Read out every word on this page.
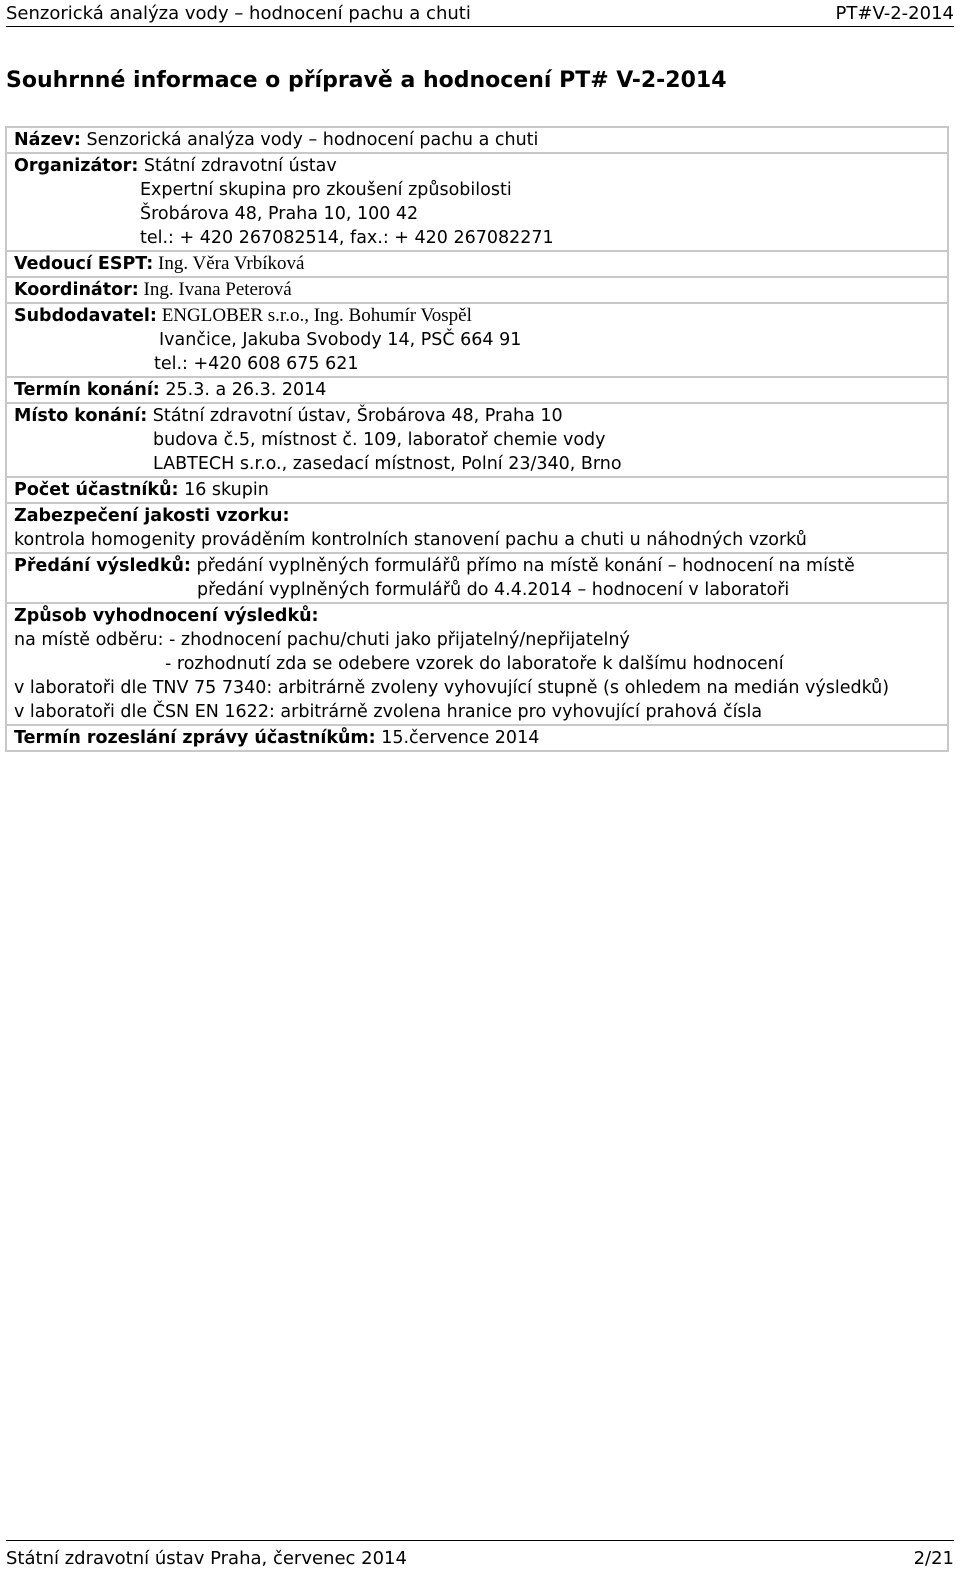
Senzorická analýza vody – hodnocení pachu a chuti	PT#V-2-2014
Souhrnné informace o přípravě a hodnocení PT# V-2-2014
Název: Senzorická analýza vody – hodnocení pachu a chuti
Organizátor: Státní zdravotní ústav
Expertní skupina pro zkoušení způsobilosti
Šrobárova 48, Praha 10, 100 42
tel.: + 420 267082514, fax.: + 420 267082271
Vedoucí ESPT: Ing. Věra Vrbíková
Koordinátor: Ing. Ivana Peterová
Subdodavatel: ENGLOBER s.r.o., Ing. Bohumír Vospěl
Ivančice, Jakuba Svobody 14, PSČ 664 91
tel.: +420 608 675 621
Termín konání: 25.3. a 26.3. 2014
Místo konání: Státní zdravotní ústav, Šrobárova 48, Praha 10
budova č.5, místnost č. 109, laboratoř chemie vody
LABTECH s.r.o., zasedací místnost, Polní 23/340, Brno
Počet účastníků: 16 skupin
Zabezpečení jakosti vzorku:
kontrola homogenity prováděním kontrolních stanovení pachu a chuti u náhodných vzorků
Předání výsledků: předání vyplněných formulářů přímo na místě konání – hodnocení na místě
předání vyplněných formulářů do 4.4.2014 – hodnocení v laboratoři
Způsob vyhodnocení výsledků:
na místě odběru: - zhodnocení pachu/chuti jako přijatelný/nepřijatelný
- rozhodnutí zda se odebere vzorek do laboratoře k dalšímu hodnocení
v laboratoři dle TNV 75 7340: arbitrárně zvoleny vyhovující stupně (s ohledem na medián výsledků)
v laboratoři dle ČSN EN 1622: arbitrárně zvolena hranice pro vyhovující prahová čísla
Termín rozeslání zprávy účastníkům: 15.července 2014
Státní zdravotní ústav Praha, červenec 2014	2/21
